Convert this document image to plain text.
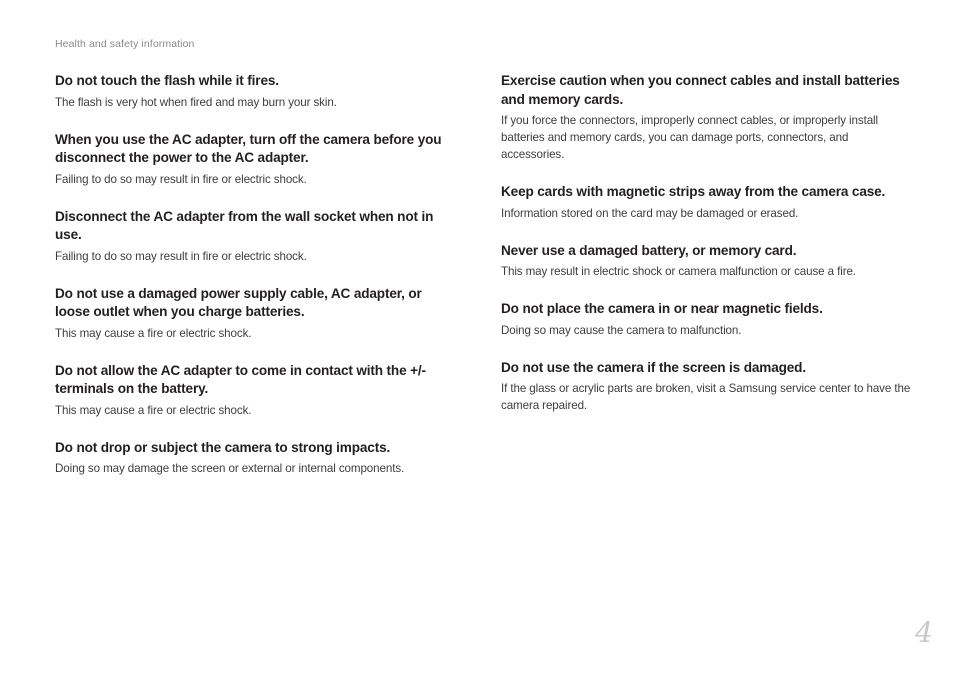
Health and safety information

Do not touch the flash while it fires.

The flash is very hot when fired and may burn your skin.

When you use the AC adapter, turn off the camera before you disconnect the power to the AC adapter.

Failing to do so may result in fire or electric shock.

Disconnect the AC adapter from the wall socket when not in use.

Failing to do so may result in fire or electric shock.

Do not use a damaged power supply cable, AC adapter, or loose outlet when you charge batteries.

This may cause a fire or electric shock.

Do not allow the AC adapter to come in contact with the +/- terminals on the battery.

This may cause a fire or electric shock.

Do not drop or subject the camera to strong impacts.

Doing so may damage the screen or external or internal components.

Exercise caution when you connect cables and install batteries and memory cards.

If you force the connectors, improperly connect cables, or improperly install batteries and memory cards, you can damage ports, connectors, and accessories.

Keep cards with magnetic strips away from the camera case.

Information stored on the card may be damaged or erased.

Never use a damaged battery, or memory card.

This may result in electric shock or camera malfunction or cause a fire.

Do not place the camera in or near magnetic fields.

Doing so may cause the camera to malfunction.

Do not use the camera if the screen is damaged.

If the glass or acrylic parts are broken, visit a Samsung service center to have the camera repaired.

4
